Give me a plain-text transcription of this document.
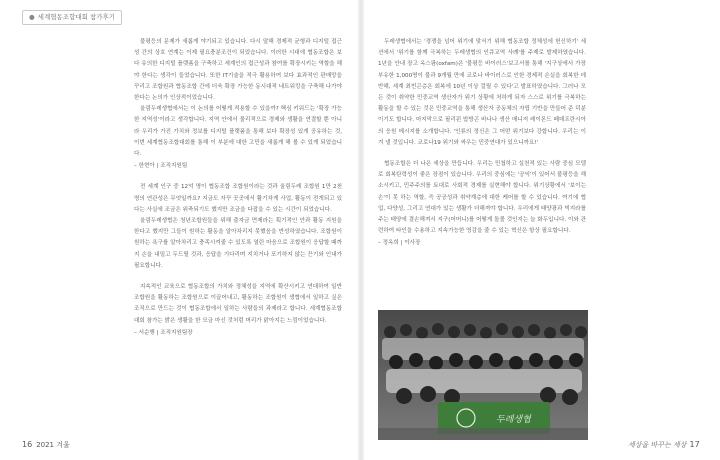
● 세계협동조합대회 참가후기

불평등의 문제가 새롭게 야기되고 있습니다. 다시 말해 경제적 균형과 디지털 접근성 간의 상호 연계는 이제 필요충분조건이 되었습니다. 이러한 시대에 협동조합은 보다 유의한 디지털 플랫폼을 구축하고 세계인의 접근성과 참여를 확장시키는 역할을 해야 한다는 생각이 들었습니다. 또한 IT기술을 적극 활용하여 보다 효과적인 판매망을 꾸리고 조합원과 협동조합 간에 더욱 확장 가능한 동시대적 네트워킹을 구축해 나가야 한다는 논의가 인상적이었습니다.

울림두레생협에서는 이 논의를 어떻게 적용할 수 있을까? 핵심 키워드는 '확장 가능한 지역성'이라고 생각합니다. 지역 안에서 물리적으로 경제와 생활을 연결할 뿐 아니라 우리가 가진 가치와 정보를 디지털 플랫폼을 통해 보다 확장성 있게 공유하는 것, 이번 세계협동조합대회를 통해 이 부분에 대한 고민을 새롭게 해 볼 수 있게 되었습니다.

– 한현아 | 조직지원팀

전 세계 인구 중 12억 명이 협동조합 조합원이라는 것과 울림두레 조합원 1만 2천 명의 연관성은 무엇일까요? 지금도 자꾸 곳곳에서 활기차게 사업, 활동이 전개되고 있다는 사실에 조금은 위축되기도 했지만 조금을 다잡을 수 있는 시간이 되었습니다.

울림두레생협은 청년조합원들을 위해 출자금 면제라는 획기적인 안과 활동 지원을 한다고 했지만 그들이 원하는 활동을 알아차리지 못했음을 반성하였습니다. 조합원이 원하는 욕구를 알아차리고 충족시켜줄 수 있도록 열린 마음으로 조합원이 응답할 때까지 손을 내밀고 두드릴 것과, 응답을 기다리며 지치거나 포기하지 않는 끈기와 인내가 필요합니다.

지속적인 교육으로 협동조합의 가치와 정체성을 지역에 확산시키고 연대하여 일반 조합원을 활동하는 조합원으로 이끌어내고, 활동하는 조합원이 생협에서 일하고 싶은 조직으로 만드는 것이 협동조합에서 일하는 사람들의 과제라고 합니다. 세계협동조합대회 참가는 밝은 생활을 한 모금 마신 것처럼 머리가 맑아지는 느낌이었습니다.

– 서순행 | 조직지원팀장

두레생협에서는 '경쟁을 넘어 위기에 맞서기 위해 협동조합 정체성에 헌신하기' 세션에서 '위기를 함께 극복하는 두레생협의 인큐교역 사례'를 주제로 발제하였습니다. 1년을 안내 장고 옥스팜(oxfam)은 '불평등 바이러스'보고서를 통해 '지구상에서 가장 부유한 1,000명이 불과 9개월 만에 코로나 바이러스로 인한 경제적 손실을 회복한 데 반해, 세계 최빈곤층은 회복에 10년 이상 걸릴 수 있다'고 발표하였습니다. 그러나 모든 것이 취약한 민중교역 생산자가 위기 상황에 처하게 되자 스스로 위기를 극복하는 활동을 할 수 있는 것은 민중교역을 통해 생산자 공동체의 자립 기반을 만들어 준 덕분이기도 합니다. 마지막으로 필리핀 밥방곤 바나나 생산 매니저 레이몬드 페데프란시아의 응원 메시지를 소개합니다. '인류의 정신은 그 어떤 위기보다 강합니다. 우리는 이겨 낼 것입니다. 코로나19 위기와 싸우는 민중연대가 있으니까요!'

협동조합은 더 나은 세상을 만듭니다. 우리는 민첩하고 실천적 있는 사람 중심 모델로 회복탄력성이 좋은 장점이 있습니다. 우리의 중심에는 '공익'이 있어서 불평등을 해소시키고, 민주주의를 토대로 사회적 경제를 실현해야 합니다. 위기상황에서 '보이는 손'이 못 하는 역할, 즉 공공성과 취약계층에 대한 케어를 할 수 있습니다. 여기에 협업, 다양성, 그리고 연대가 있는 생활가 더해져야 합니다. 우리에게 태양광과 빅지라를 주는 태양에 결손해져서 지구(어머니)를 어떻게 돌볼 것인지는 늘 화두입니다. 이와 관련하여 타인을 수용하고 지속가능한 영감을 줄 수 있는 혁신은 항상 필요합니다.

– 정옥희 | 이사장

두레생협
16 2021 겨울	세상을 바꾸는 세상 17
